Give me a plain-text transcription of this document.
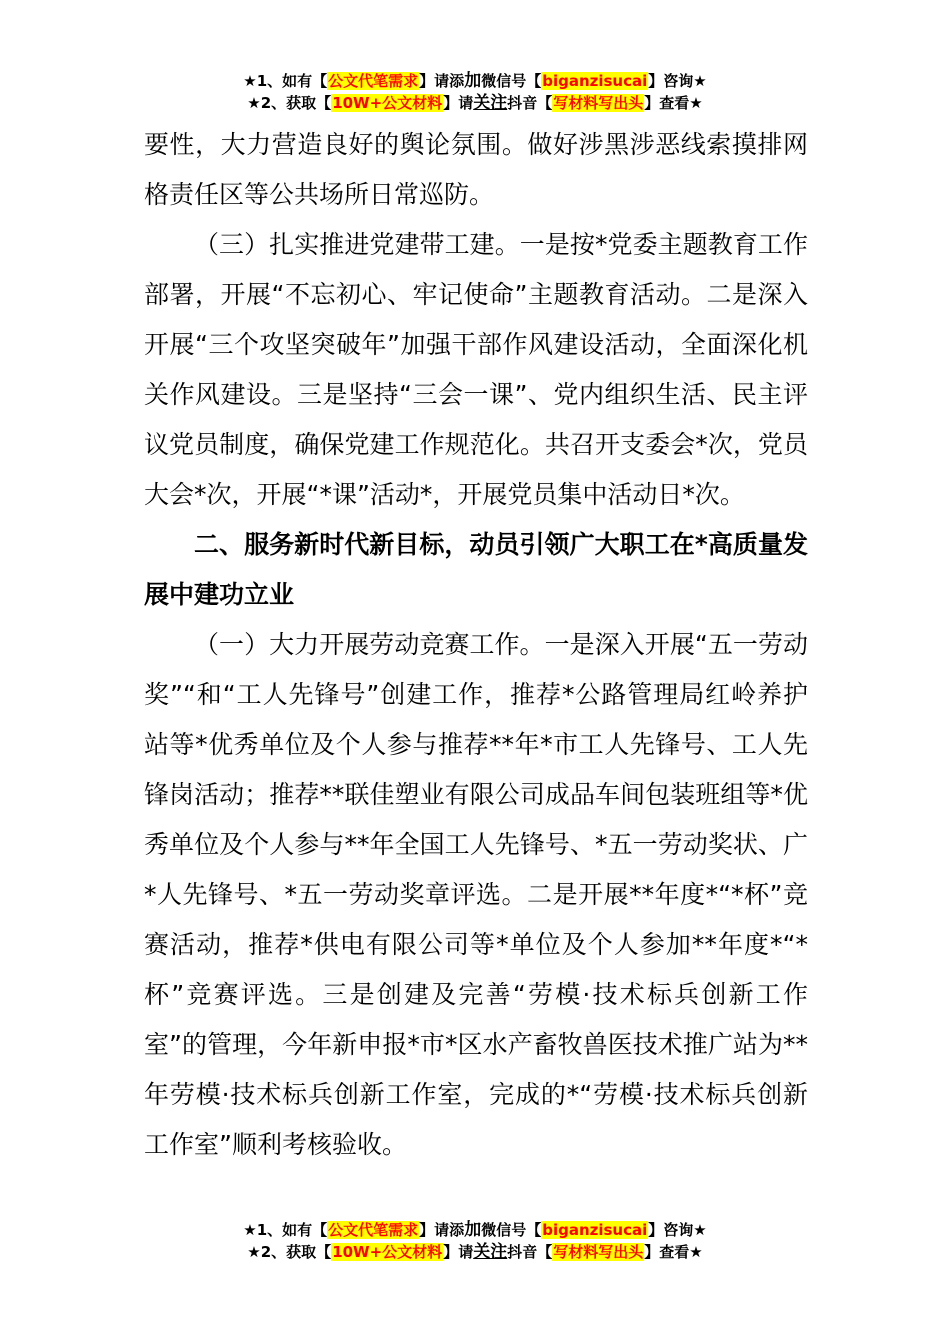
★1、如有【公文代笔需求】请添加微信号【biganzisucai】咨询★
★2、获取【10W+公文材料】请关注抖音【写材料写出头】查看★

要性，大力营造良好的舆论氛围。做好涉黑涉恶线索摸排网格责任区等公共场所日常巡防。

（三）扎实推进党建带工建。一是按*党委主题教育工作部署，开展“不忘初心、牢记使命”主题教育活动。二是深入开展“三个攻坚突破年”加强干部作风建设活动，全面深化机关作风建设。三是坚持“三会一课”、党内组织生活、民主评议党员制度，确保党建工作规范化。共召开支委会*次，党员大会*次，开展“*课”活动*，开展党员集中活动日*次。

二、服务新时代新目标，动员引领广大职工在*高质量发展中建功立业

（一）大力开展劳动竞赛工作。一是深入开展“五一劳动奖”“和“工人先锋号”创建工作，推荐*公路管理局红岭养护站等*优秀单位及个人参与推荐**年*市工人先锋号、工人先锋岗活动；推荐**联佳塑业有限公司成品车间包装班组等*优秀单位及个人参与**年全国工人先锋号、*五一劳动奖状、广*人先锋号、*五一劳动奖章评选。二是开展**年度*“*杯”竞赛活动，推荐*供电有限公司等*单位及个人参加**年度*“*杯”竞赛评选。三是创建及完善“劳模·技术标兵创新工作室”的管理，今年新申报*市*区水产畜牧兽医技术推广站为**年劳模·技术标兵创新工作室，完成的*“劳模·技术标兵创新工作室”顺利考核验收。

★1、如有【公文代笔需求】请添加微信号【biganzisucai】咨询★
★2、获取【10W+公文材料】请关注抖音【写材料写出头】查看★
